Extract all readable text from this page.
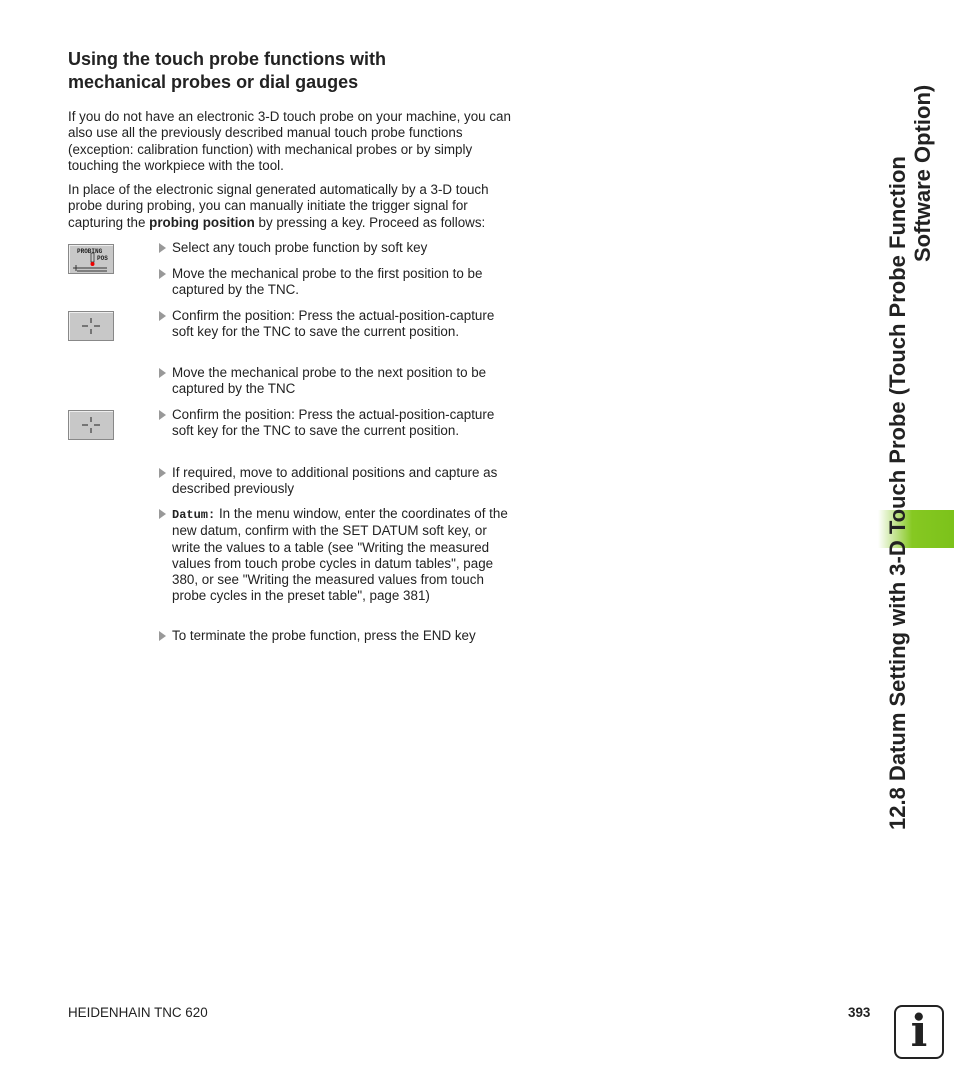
Using the touch probe functions with mechanical probes or dial gauges

If you do not have an electronic 3-D touch probe on your machine, you can also use all the previously described manual touch probe functions (exception: calibration function) with mechanical probes or by simply touching the workpiece with the tool.

In place of the electronic signal generated automatically by a 3-D touch probe during probing, you can manually initiate the trigger signal for capturing the probing position by pressing a key. Proceed as follows:

PROBING
POS
Select any touch probe function by soft key
Move the mechanical probe to the first position to be captured by the TNC.
Confirm the position: Press the actual-position-capture soft key for the TNC to save the current position.
Move the mechanical probe to the next position to be captured by the TNC
Confirm the position: Press the actual-position-capture soft key for the TNC to save the current position.
If required, move to additional positions and capture as described previously
Datum: In the menu window, enter the coordinates of the new datum, confirm with the SET DATUM soft key, or write the values to a table (see "Writing the measured values from touch probe cycles in datum tables", page 380, or see "Writing the measured values from touch probe cycles in the preset table", page 381)
To terminate the probe function, press the END key	12.8 Datum Setting with 3-D Touch Probe (Touch Probe Function Software Option)
HEIDENHAIN TNC 620	393 i
